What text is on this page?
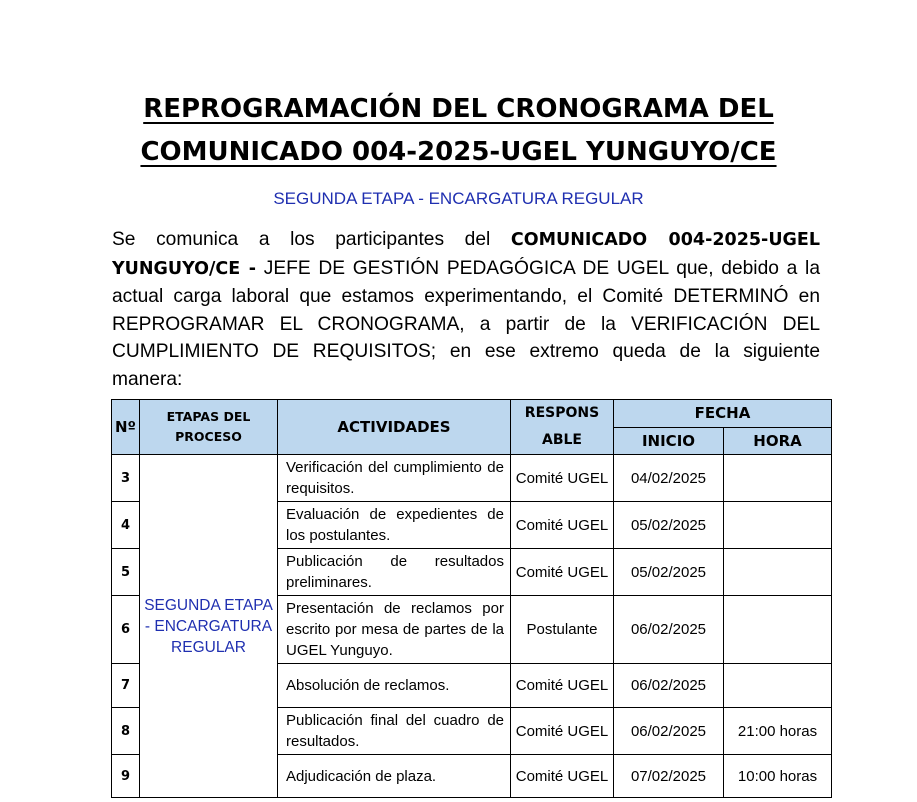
REPROGRAMACIÓN DEL CRONOGRAMA DEL
COMUNICADO 004-2025-UGEL YUNGUYO/CE
SEGUNDA ETAPA - ENCARGATURA REGULAR

Se comunica a los participantes del COMUNICADO 004-2025-UGEL YUNGUYO/CE - JEFE DE GESTIÓN PEDAGÓGICA DE UGEL que, debido a la actual carga laboral que estamos experimentando, el Comité DETERMINÓ en REPROGRAMAR EL CRONOGRAMA, a partir de la VERIFICACIÓN DEL CUMPLIMIENTO DE REQUISITOS; en ese extremo queda de la siguiente manera:

Nº	ETAPAS DEL PROCESO	ACTIVIDADES	RESPONS ABLE	FECHA	
				INICIO	HORA
3	SEGUNDA ETAPA - ENCARGATURA REGULAR	Verificación del cumplimiento de requisitos.	Comité UGEL	04/02/2025	
4		Evaluación de expedientes de los postulantes.	Comité UGEL	05/02/2025	
5		Publicación de resultados preliminares.	Comité UGEL	05/02/2025	
6		Presentación de reclamos por escrito por mesa de partes de la UGEL Yunguyo.	Postulante	06/02/2025	
7		Absolución de reclamos.	Comité UGEL	06/02/2025	
8		Publicación final del cuadro de resultados.	Comité UGEL	06/02/2025	21:00 horas
9		Adjudicación de plaza.	Comité UGEL	07/02/2025	10:00 horas
